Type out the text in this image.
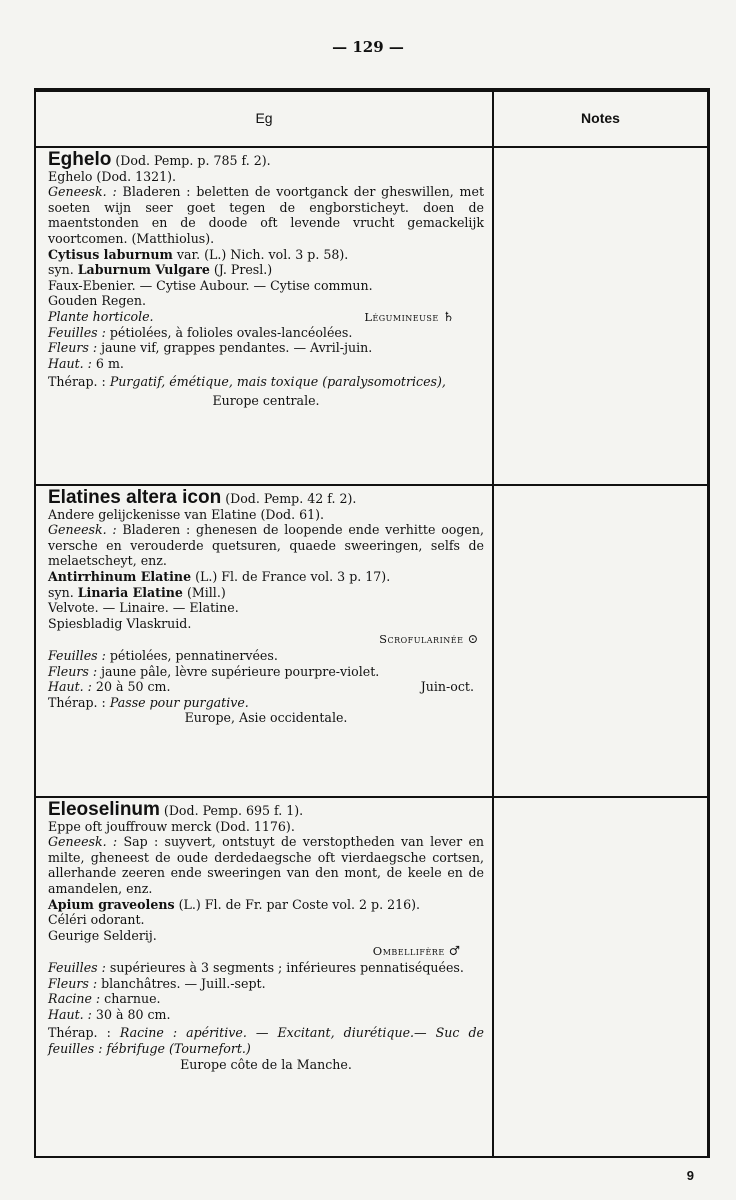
— 129 —
Eg	Notes
Eghelo (Dod. Pemp. p. 785 f. 2).
Eghelo (Dod. 1321).
Geneesk. : Bladeren : beletten de voortganck der gheswillen, met soeten wijn seer goet tegen de engborsticheyt. doen de maentstonden en de doode oft levende vrucht gemackelijk voortcomen. (Matthiolus).
Cytisus laburnum var. (L.) Nich. vol. 3 p. 58).
syn. Laburnum Vulgare (J. Presl.)
Faux-Ebenier. — Cytise Aubour. — Cytise commun.
Gouden Regen.
Plante horticole.	Légumineuse ♄
Feuilles : pétiolées, à folioles ovales-lancéolées.
Fleurs : jaune vif, grappes pendantes. — Avril-juin.
Haut. : 6 m.
Thérap. : Purgatif, émétique, mais toxique (paralysomotrices),
Europe centrale.
Elatines altera icon (Dod. Pemp. 42 f. 2).
Andere gelijckenisse van Elatine (Dod. 61).
Geneesk. : Bladeren : ghenesen de loopende ende verhitte oogen, versche en verouderde quetsuren, quaede sweeringen, selfs de melaetscheyt, enz.
Antirrhinum Elatine (L.) Fl. de France vol. 3 p. 17).
syn. Linaria Elatine (Mill.)
Velvote. — Linaire. — Elatine.
Spiesbladig Vlaskruid.
Scrofularinée ⊙
Feuilles : pétiolées, pennatinervées.
Fleurs : jaune pâle, lèvre supérieure pourpre-violet.
Haut. : 20 à 50 cm.	Juin-oct.
Thérap. : Passe pour purgative.
Europe, Asie occidentale.
Eleoselinum (Dod. Pemp. 695 f. 1).
Eppe oft jouffrouw merck (Dod. 1176).
Geneesk. : Sap : suyvert, ontstuyt de verstoptheden van lever en milte, gheneest de oude derdedaegsche oft vierdaegsche cortsen, allerhande zeeren ende sweeringen van den mont, de keele en de amandelen, enz.
Apium graveolens (L.) Fl. de Fr. par Coste vol. 2 p. 216).
Céléri odorant.
Geurige Selderij.
Ombellifère ♂
Feuilles : supérieures à 3 segments ; inférieures pennatiséquées.
Fleurs : blanchâtres. — Juill.-sept.
Racine : charnue.
Haut. : 30 à 80 cm.
Thérap. : Racine : apéritive. — Excitant, diurétique.— Suc de feuilles : fébrifuge (Tournefort.)
Europe côte de la Manche.
9
